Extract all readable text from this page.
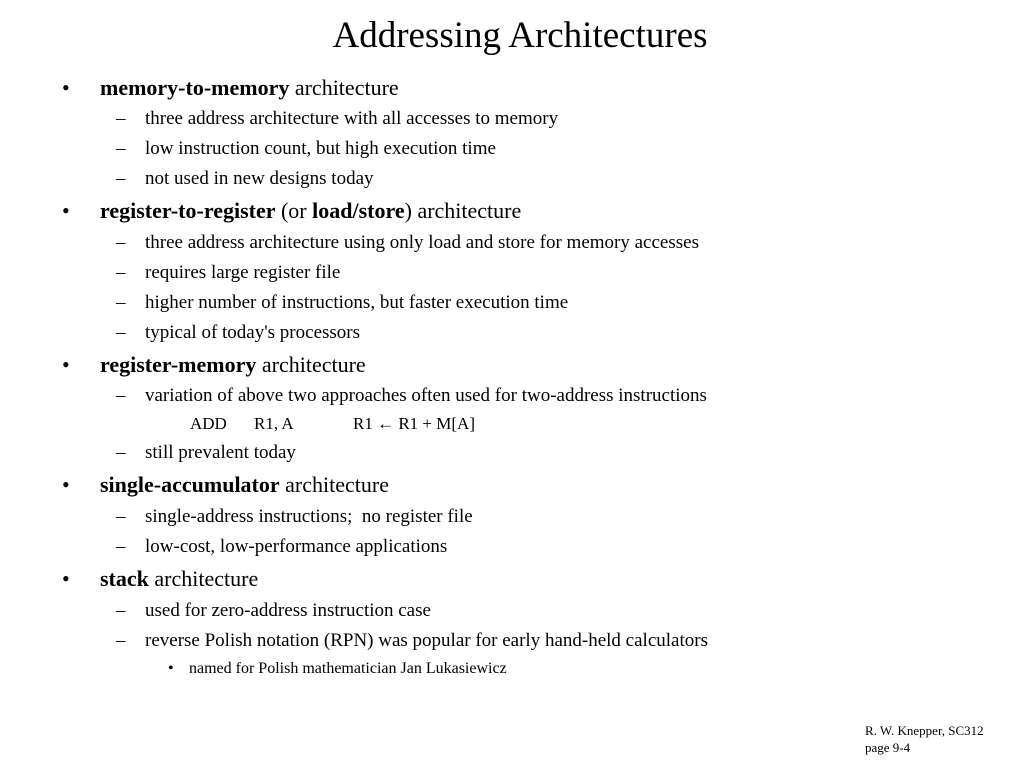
Addressing Architectures
• memory-to-memory architecture
– three address architecture with all accesses to memory
– low instruction count, but high execution time
– not used in new designs today
• register-to-register (or load/store) architecture
– three address architecture using only load and store for memory accesses
– requires large register file
– higher number of instructions, but faster execution time
– typical of today's processors
• register-memory architecture
– variation of above two approaches often used for two-address instructions
ADD R1, A	R1 ← R1 + M[A]
– still prevalent today
• single-accumulator architecture
– single-address instructions;  no register file
– low-cost, low-performance applications
• stack architecture
– used for zero-address instruction case
– reverse Polish notation (RPN) was popular for early hand-held calculators
• named for Polish mathematician Jan Lukasiewicz
R. W. Knepper, SC312
page 9-4
